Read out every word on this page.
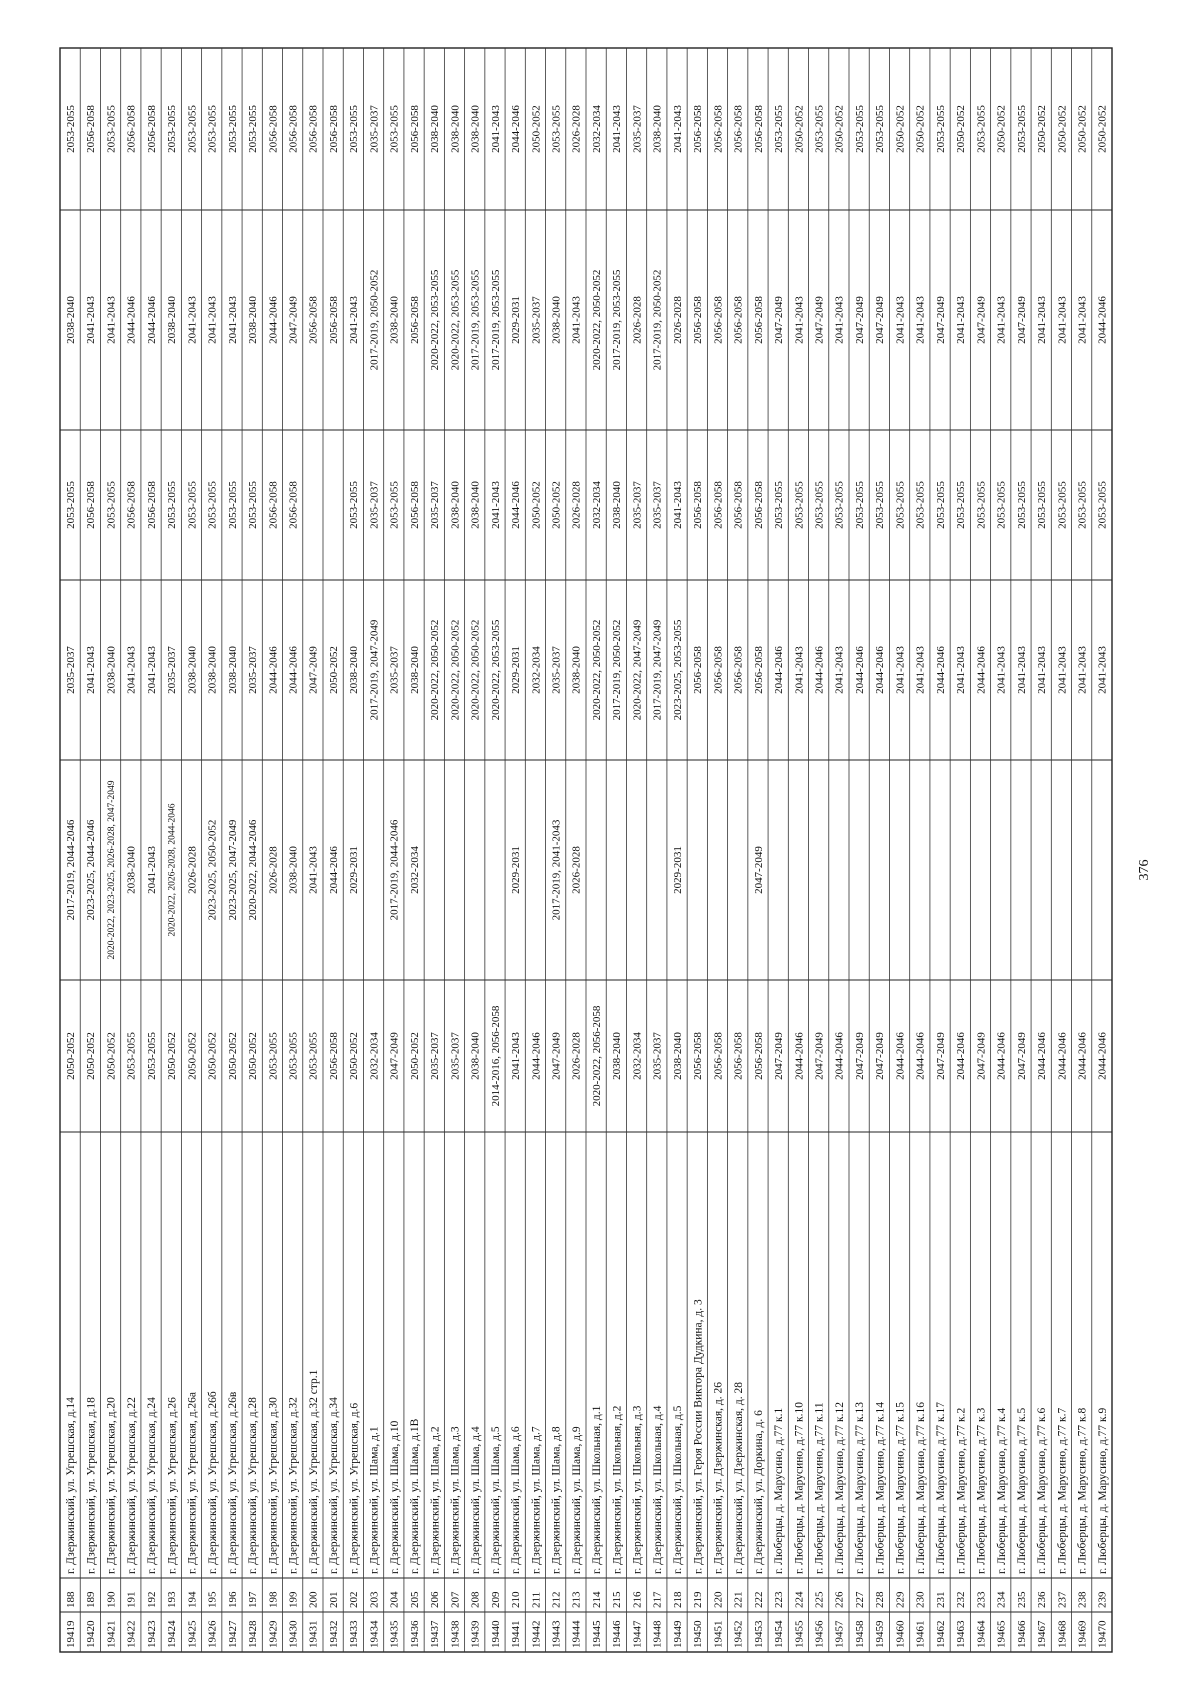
19419
188
г. Дзержинский, ул. Угрешская, д.14
2050-2052
2017-2019, 2044-2046
2035-2037
2053-2055
2038-2040
2053-2055
19420
189
г. Дзержинский, ул. Угрешская, д.18
2050-2052
2023-2025, 2044-2046
2041-2043
2056-2058
2041-2043
2056-2058
19421
190
г. Дзержинский, ул. Угрешская, д.20
2050-2052
2020-2022, 2023-2025, 2026-2028, 2047-2049
2038-2040
2053-2055
2041-2043
2053-2055
19422
191
г. Дзержинский, ул. Угрешская, д.22
2053-2055
2038-2040
2041-2043
2056-2058
2044-2046
2056-2058
19423
192
г. Дзержинский, ул. Угрешская, д.24
2053-2055
2041-2043
2041-2043
2056-2058
2044-2046
2056-2058
19424
193
г. Дзержинский, ул. Угрешская, д.26
2050-2052
2020-2022, 2026-2028, 2044-2046
2035-2037
2053-2055
2038-2040
2053-2055
19425
194
г. Дзержинский, ул. Угрешская, д.26а
2050-2052
2026-2028
2038-2040
2053-2055
2041-2043
2053-2055
19426
195
г. Дзержинский, ул. Угрешская, д.26б
2050-2052
2023-2025, 2050-2052
2038-2040
2053-2055
2041-2043
2053-2055
19427
196
г. Дзержинский, ул. Угрешская, д.26в
2050-2052
2023-2025, 2047-2049
2038-2040
2053-2055
2041-2043
2053-2055
19428
197
г. Дзержинский, ул. Угрешская, д.28
2050-2052
2020-2022, 2044-2046
2035-2037
2053-2055
2038-2040
2053-2055
19429
198
г. Дзержинский, ул. Угрешская, д.30
2053-2055
2026-2028
2044-2046
2056-2058
2044-2046
2056-2058
19430
199
г. Дзержинский, ул. Угрешская, д.32
2053-2055
2038-2040
2044-2046
2056-2058
2047-2049
2056-2058
19431
200
г. Дзержинский, ул. Угрешская, д.32 стр.1
2053-2055
2041-2043
2047-2049
2056-2058
2056-2058
19432
201
г. Дзержинский, ул. Угрешская, д.34
2056-2058
2044-2046
2050-2052
2056-2058
2056-2058
19433
202
г. Дзержинский, ул. Угрешская, д.6
2050-2052
2029-2031
2038-2040
2053-2055
2041-2043
2053-2055
19434
203
г. Дзержинский, ул. Шама, д.1
2032-2034
2017-2019, 2047-2049
2035-2037
2017-2019, 2050-2052
2035-2037
19435
204
г. Дзержинский, ул. Шама, д.10
2047-2049
2017-2019, 2044-2046
2035-2037
2053-2055
2038-2040
2053-2055
19436
205
г. Дзержинский, ул. Шама, д.1В
2050-2052
2032-2034
2038-2040
2056-2058
2056-2058
2056-2058
19437
206
г. Дзержинский, ул. Шама, д.2
2035-2037
2020-2022, 2050-2052
2035-2037
2020-2022, 2053-2055
2038-2040
19438
207
г. Дзержинский, ул. Шама, д.3
2035-2037
2020-2022, 2050-2052
2038-2040
2020-2022, 2053-2055
2038-2040
19439
208
г. Дзержинский, ул. Шама, д.4
2038-2040
2020-2022, 2050-2052
2038-2040
2017-2019, 2053-2055
2038-2040
19440
209
г. Дзержинский, ул. Шама, д.5
2014-2016, 2056-2058
2020-2022, 2053-2055
2041-2043
2017-2019, 2053-2055
2041-2043
19441
210
г. Дзержинский, ул. Шама, д.6
2041-2043
2029-2031
2029-2031
2044-2046
2029-2031
2044-2046
19442
211
г. Дзержинский, ул. Шама, д.7
2044-2046
2032-2034
2050-2052
2035-2037
2050-2052
19443
212
г. Дзержинский, ул. Шама, д.8
2047-2049
2017-2019, 2041-2043
2035-2037
2050-2052
2038-2040
2053-2055
19444
213
г. Дзержинский, ул. Шама, д.9
2026-2028
2026-2028
2038-2040
2026-2028
2041-2043
2026-2028
19445
214
г. Дзержинский, ул. Школьная, д.1
2020-2022, 2056-2058
2020-2022, 2050-2052
2032-2034
2020-2022, 2050-2052
2032-2034
19446
215
г. Дзержинский, ул. Школьная, д.2
2038-2040
2017-2019, 2050-2052
2038-2040
2017-2019, 2053-2055
2041-2043
19447
216
г. Дзержинский, ул. Школьная, д.3
2032-2034
2020-2022, 2047-2049
2035-2037
2026-2028
2035-2037
19448
217
г. Дзержинский, ул. Школьная, д.4
2035-2037
2017-2019, 2047-2049
2035-2037
2017-2019, 2050-2052
2038-2040
19449
218
г. Дзержинский, ул. Школьная, д.5
2038-2040
2029-2031
2023-2025, 2053-2055
2041-2043
2026-2028
2041-2043
19450
219
г. Дзержинский, ул. Героя России Виктора Дудкина, д. 3
2056-2058
2056-2058
2056-2058
2056-2058
2056-2058
19451
220
г. Дзержинский, ул. Дзержинская, д. 26
2056-2058
2056-2058
2056-2058
2056-2058
2056-2058
19452
221
г. Дзержинский, ул. Дзержинская, д. 28
2056-2058
2056-2058
2056-2058
2056-2058
2056-2058
19453
222
г. Дзержинский, ул. Доркина, д. 6
2056-2058
2047-2049
2056-2058
2056-2058
2056-2058
2056-2058
19454
223
г. Люберцы, д. Марусино, д.77 к.1
2047-2049
2044-2046
2053-2055
2047-2049
2053-2055
19455
224
г. Люберцы, д. Марусино, д.77 к.10
2044-2046
2041-2043
2053-2055
2041-2043
2050-2052
19456
225
г. Люберцы, д. Марусино, д.77 к.11
2047-2049
2044-2046
2053-2055
2047-2049
2053-2055
19457
226
г. Люберцы, д. Марусино, д.77 к.12
2044-2046
2041-2043
2053-2055
2041-2043
2050-2052
19458
227
г. Люберцы, д. Марусино, д.77 к.13
2047-2049
2044-2046
2053-2055
2047-2049
2053-2055
19459
228
г. Люберцы, д. Марусино, д.77 к.14
2047-2049
2044-2046
2053-2055
2047-2049
2053-2055
19460
229
г. Люберцы, д. Марусино, д.77 к.15
2044-2046
2041-2043
2053-2055
2041-2043
2050-2052
19461
230
г. Люберцы, д. Марусино, д.77 к.16
2044-2046
2041-2043
2053-2055
2041-2043
2050-2052
19462
231
г. Люберцы, д. Марусино, д.77 к.17
2047-2049
2044-2046
2053-2055
2047-2049
2053-2055
19463
232
г. Люберцы, д. Марусино, д.77 к.2
2044-2046
2041-2043
2053-2055
2041-2043
2050-2052
19464
233
г. Люберцы, д. Марусино, д.77 к.3
2047-2049
2044-2046
2053-2055
2047-2049
2053-2055
19465
234
г. Люберцы, д. Марусино, д.77 к.4
2044-2046
2041-2043
2053-2055
2041-2043
2050-2052
19466
235
г. Люберцы, д. Марусино, д.77 к.5
2047-2049
2041-2043
2053-2055
2047-2049
2053-2055
19467
236
г. Люберцы, д. Марусино, д.77 к.6
2044-2046
2041-2043
2053-2055
2041-2043
2050-2052
19468
237
г. Люберцы, д. Марусино, д.77 к.7
2044-2046
2041-2043
2053-2055
2041-2043
2050-2052
19469
238
г. Люберцы, д. Марусино, д.77 к.8
2044-2046
2041-2043
2053-2055
2041-2043
2050-2052
19470
239
г. Люберцы, д. Марусино, д.77 к.9
2044-2046
2041-2043
2053-2055
2044-2046
2050-2052
376
